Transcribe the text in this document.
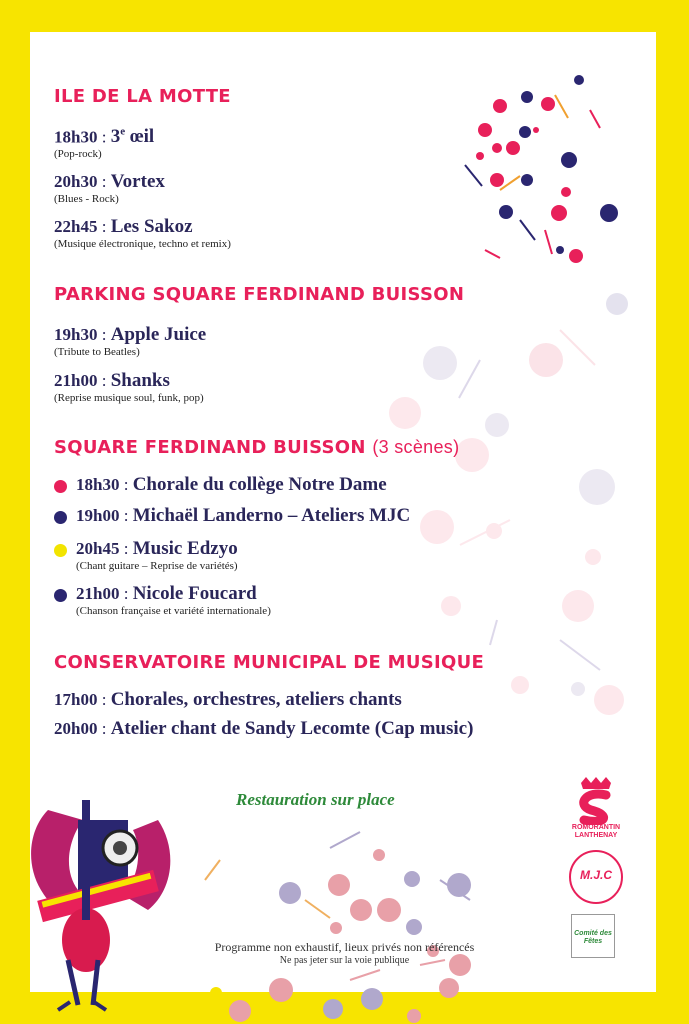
ILE DE LA MOTTE
18h30 : 3e œil
(Pop-rock)
20h30 : Vortex
(Blues - Rock)
22h45 : Les Sakoz
(Musique électronique, techno et remix)
PARKING SQUARE FERDINAND BUISSON
19h30 : Apple Juice
(Tribute to Beatles)
21h00 : Shanks
(Reprise musique soul, funk, pop)
SQUARE FERDINAND BUISSON (3 scènes)
18h30 : Chorale du collège Notre Dame
19h00 : Michaël Landerno – Ateliers MJC
20h45 : Music Edzyo
(Chant guitare – Reprise de variétés)
21h00 : Nicole Foucard
(Chanson française et variété internationale)
CONSERVATOIRE MUNICIPAL DE MUSIQUE
17h00 : Chorales, orchestres, ateliers chants
20h00 : Atelier chant de Sandy Lecomte (Cap music)
Restauration sur place
ROMORANTIN LANTHENAY
M.J.C
Comité des Fêtes
Programme non exhaustif, lieux privés non référencés
Ne pas jeter sur la voie publique
